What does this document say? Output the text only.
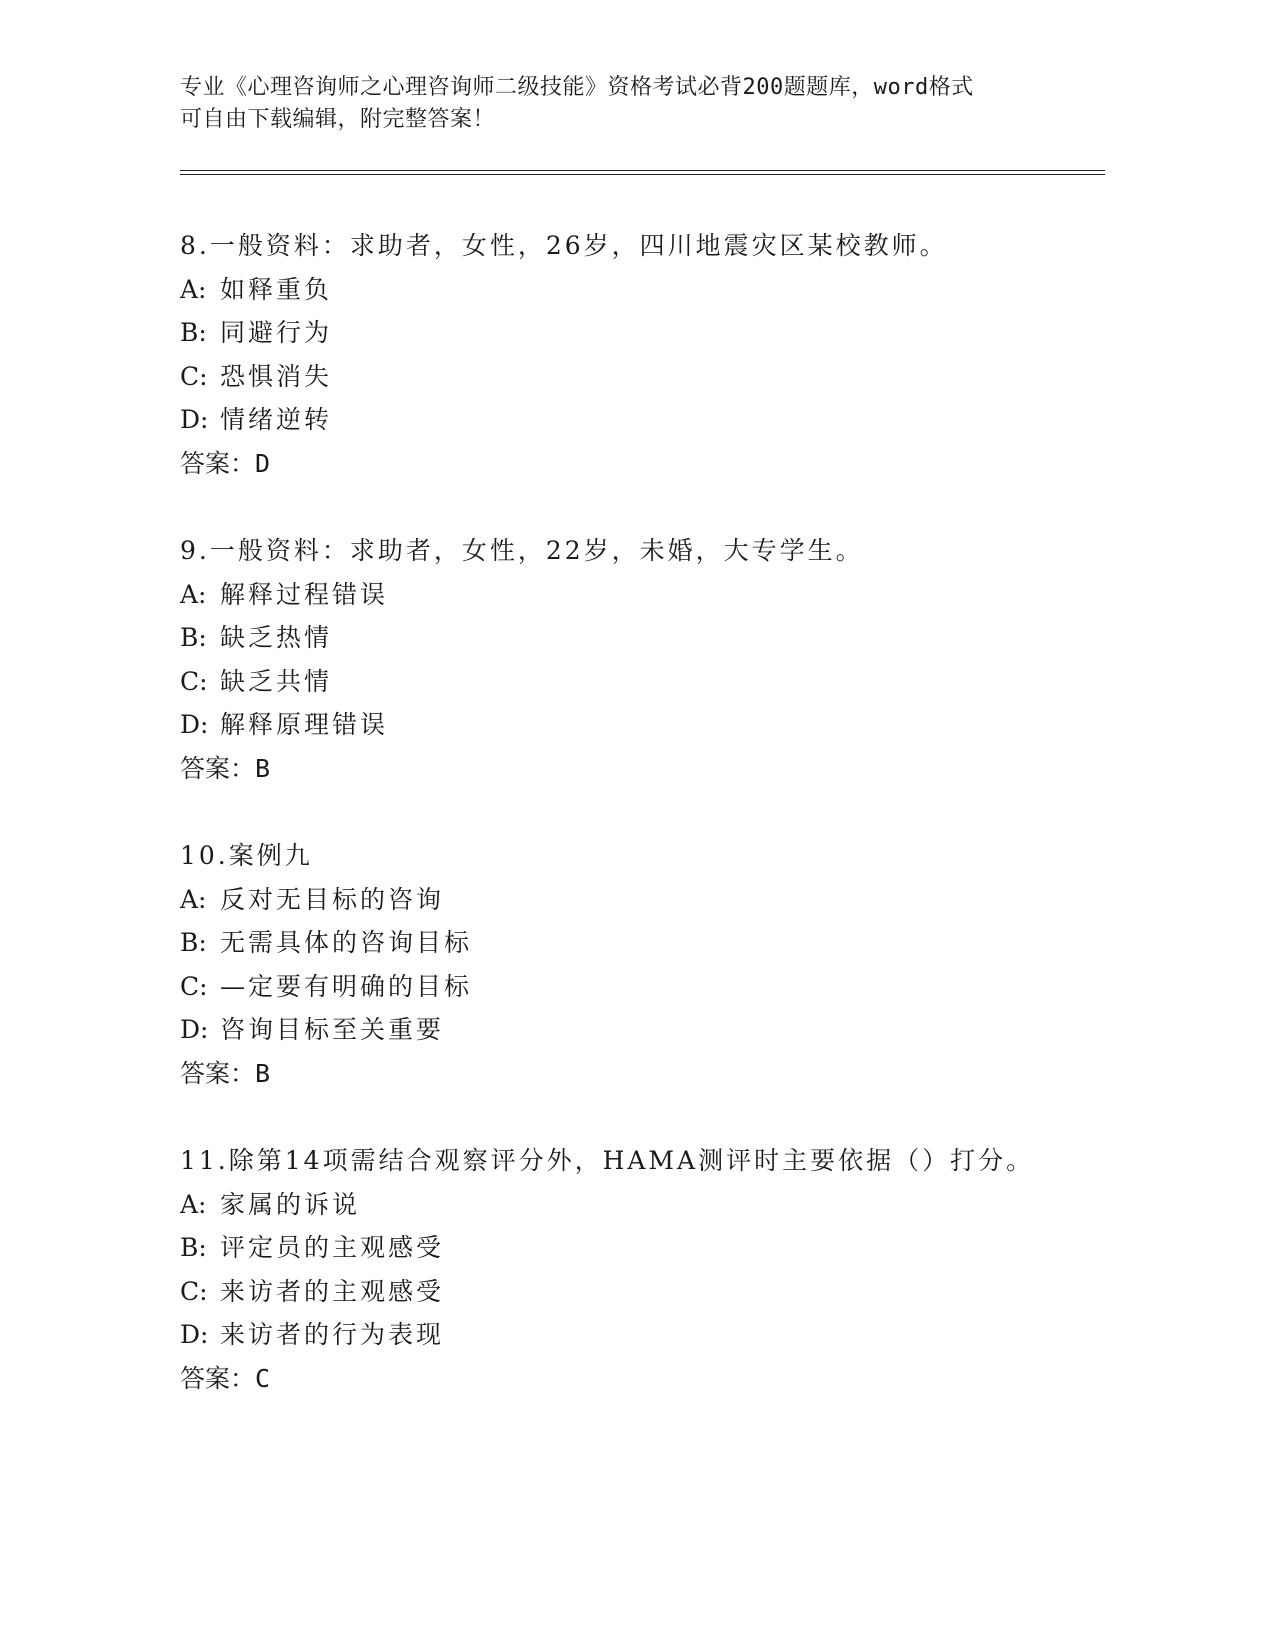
专业《心理咨询师之心理咨询师二级技能》资格考试必背200题题库，word格式
可自由下载编辑，附完整答案！
8.一般资料：求助者，女性，26岁，四川地震灾区某校教师。
A: 如释重负
B: 同避行为
C: 恐惧消失
D: 情绪逆转
答案：D
9.一般资料：求助者，女性，22岁，未婚，大专学生。
A: 解释过程错误
B: 缺乏热情
C: 缺乏共情
D: 解释原理错误
答案：B
10.案例九
A: 反对无目标的咨询
B: 无需具体的咨询目标
C: —定要有明确的目标
D: 咨询目标至关重要
答案：B
11.除第14项需结合观察评分外，HAMA测评时主要依据（）打分。
A: 家属的诉说
B: 评定员的主观感受
C: 来访者的主观感受
D: 来访者的行为表现
答案：C
